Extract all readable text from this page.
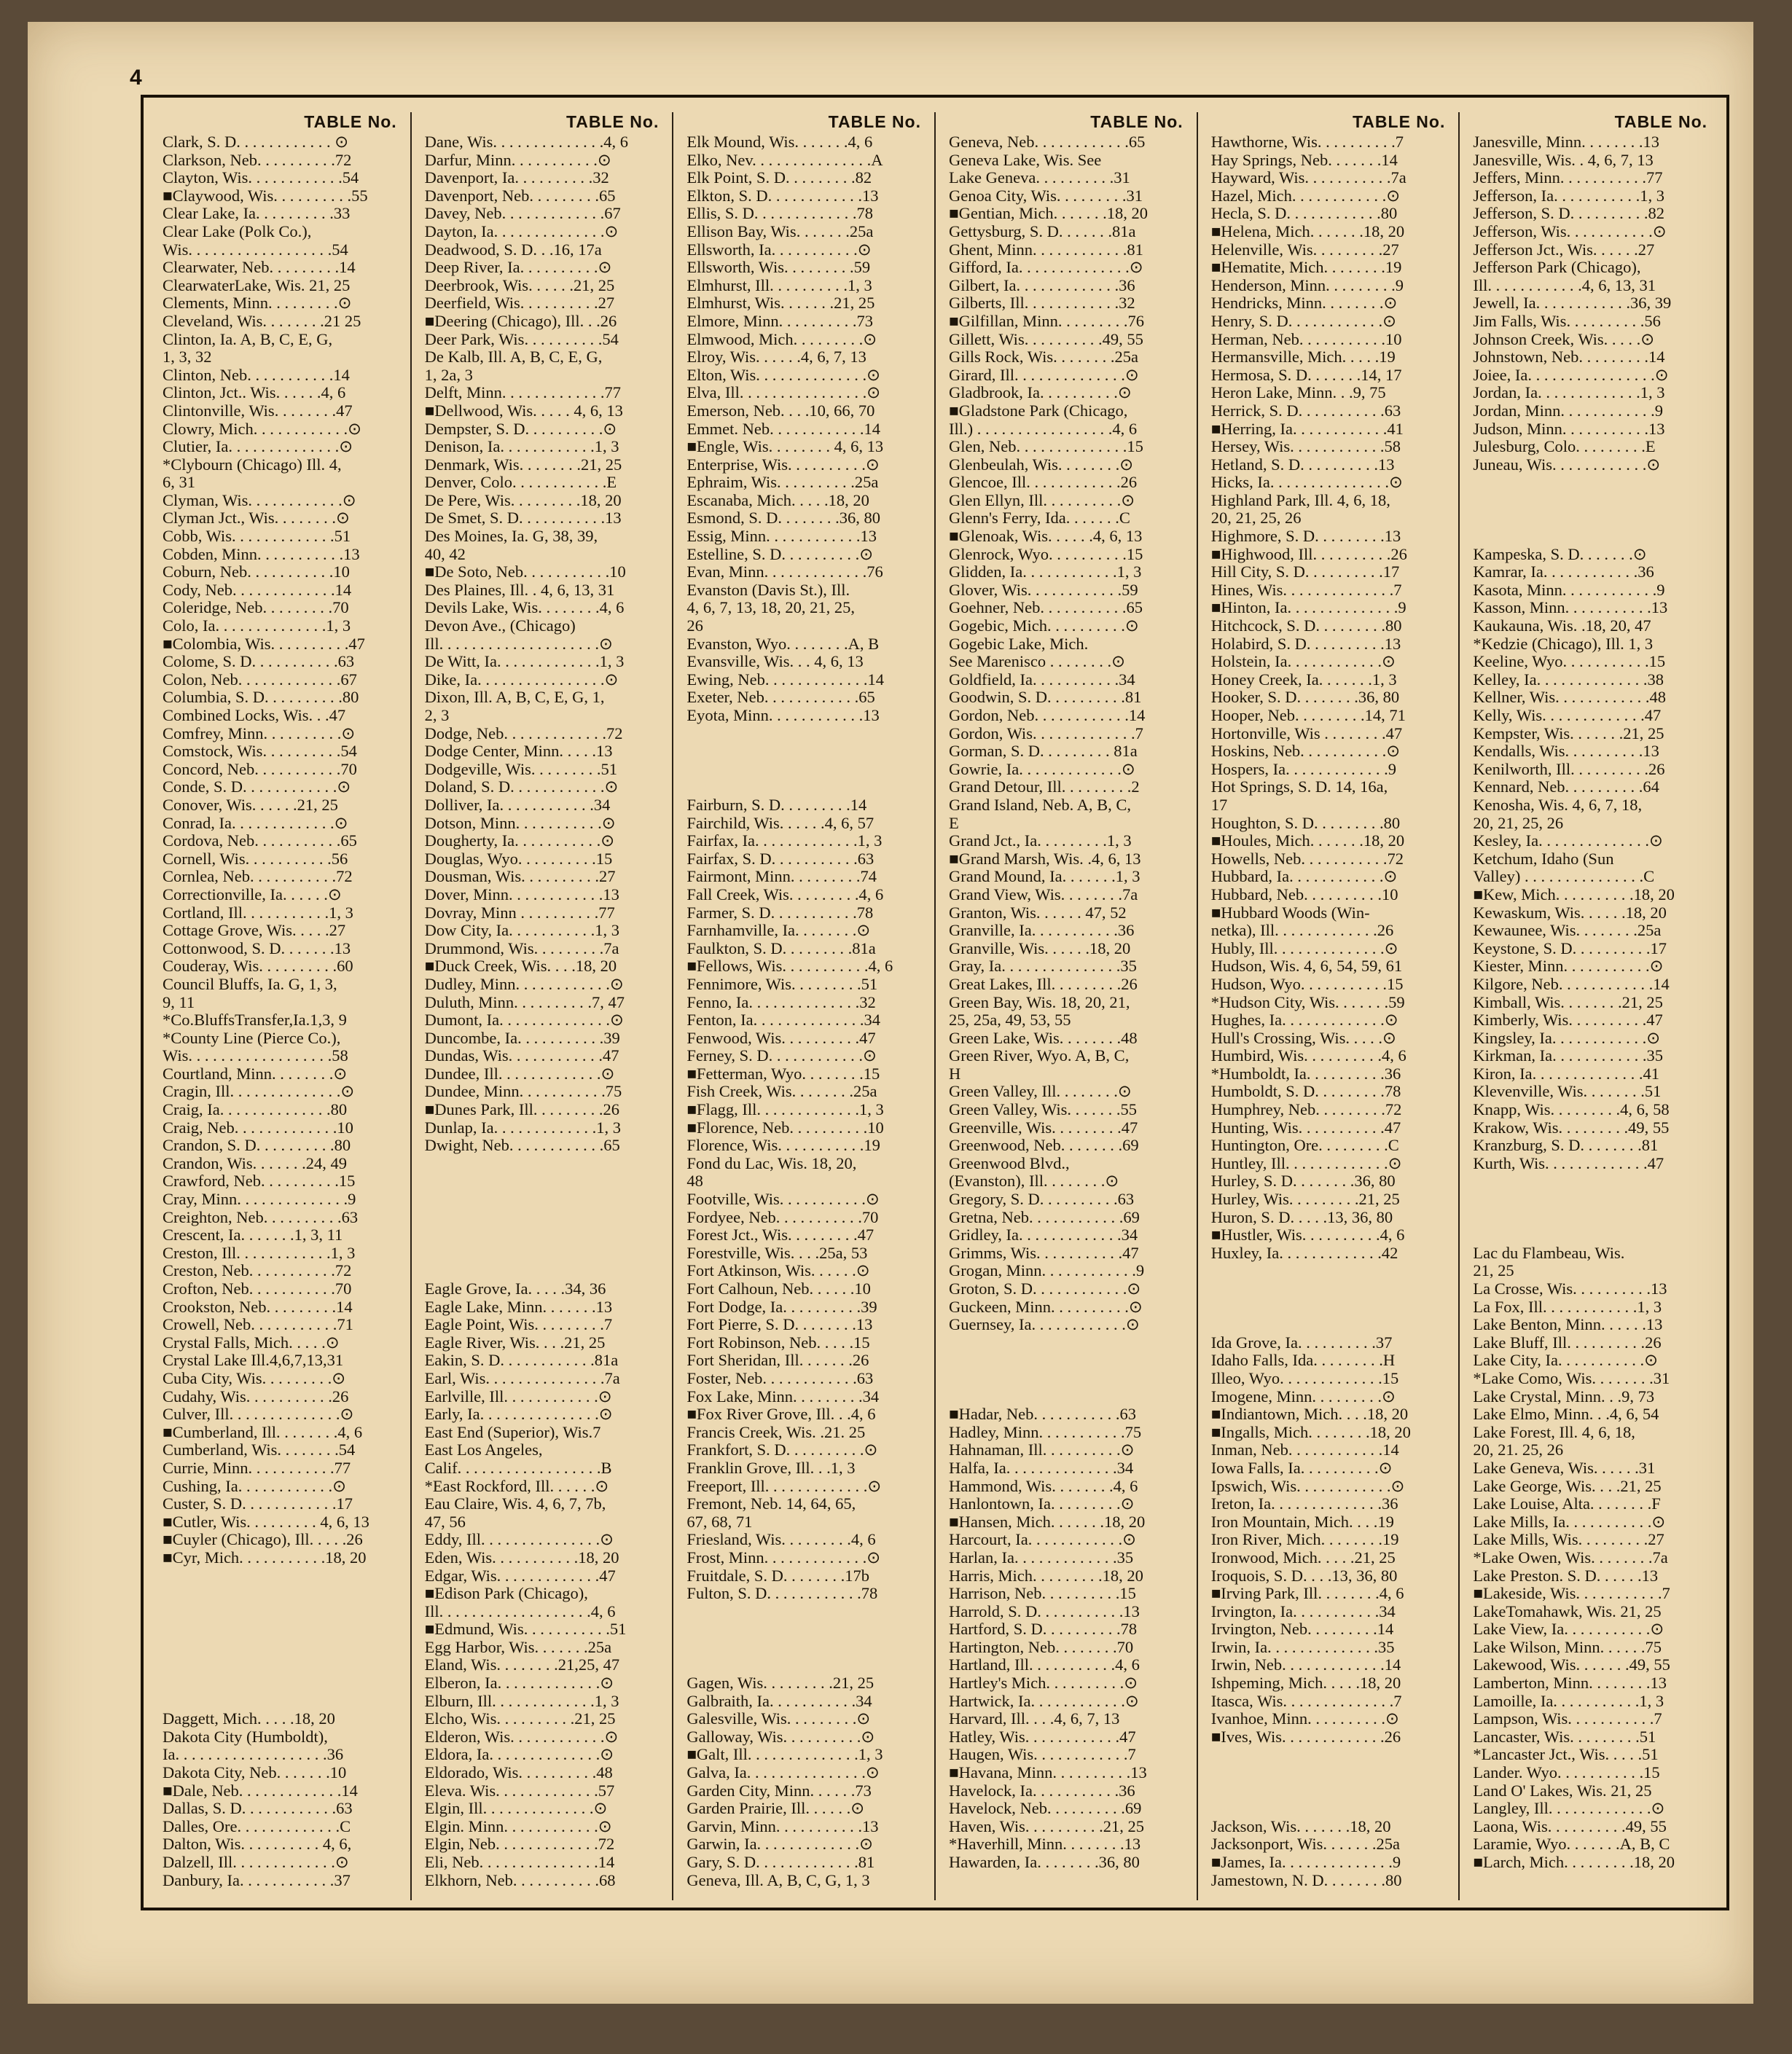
4
TABLE No.
Clark, S. D. . . . . . . . . . . . ⊙
Clarkson, Neb. . . . . . . . . .72
Clayton, Wis. . . . . . . . . . . .54
■Claywood, Wis. . . . . . . . . .55
Clear Lake, Ia. . . . . . . . . .33
Clear Lake (Polk Co.),
Wis. . . . . . . . . . . . . . . . . .54
Clearwater, Neb. . . . . . . . .14
ClearwaterLake, Wis. 21, 25
Clements, Minn. . . . . . . . .⊙
Cleveland, Wis. . . . . . . .21 25
Clinton, Ia. A, B, C, E, G,
1, 3, 32
Clinton, Neb. . . . . . . . . . .14
Clinton, Jct.. Wis. . . . . .4, 6
Clintonville, Wis. . . . . . . .47
Clowry, Mich. . . . . . . . . . . .⊙
Clutier, Ia. . . . . . . . . . . . . .⊙
*Clybourn (Chicago) Ill. 4,
6, 31
Clyman, Wis. . . . . . . . . . . .⊙
Clyman Jct., Wis. . . . . . . .⊙
Cobb, Wis. . . . . . . . . . . . .51
Cobden, Minn. . . . . . . . . . .13
Coburn, Neb. . . . . . . . . . .10
Cody, Neb. . . . . . . . . . . . .14
Coleridge, Neb. . . . . . . . .70
Colo, Ia. . . . . . . . . . . . . .1, 3
■Colombia, Wis. . . . . . . . . .47
Colome, S. D. . . . . . . . . . .63
Colon, Neb. . . . . . . . . . . . .67
Columbia, S. D. . . . . . . . . .80
Combined Locks, Wis. . .47
Comfrey, Minn. . . . . . . . . .⊙
Comstock, Wis. . . . . . . . . .54
Concord, Neb. . . . . . . . . . .70
Conde, S. D. . . . . . . . . . . .⊙
Conover, Wis. . . . . .21, 25
Conrad, Ia. . . . . . . . . . . . .⊙
Cordova, Neb. . . . . . . . . . .65
Cornell, Wis. . . . . . . . . . .56
Cornlea, Neb. . . . . . . . . . .72
Correctionville, Ia. . . . . .⊙
Cortland, Ill. . . . . . . . . . .1, 3
Cottage Grove, Wis. . . . .27
Cottonwood, S. D. . . . . . .13
Couderay, Wis. . . . . . . . . .60
Council Bluffs, Ia. G, 1, 3,
9, 11
*Co.BluffsTransfer,Ia.1,3, 9
*County Line (Pierce Co.),
Wis. . . . . . . . . . . . . . . . . .58
Courtland, Minn. . . . . . . .⊙
Cragin, Ill. . . . . . . . . . . . . .⊙
Craig, Ia. . . . . . . . . . . . . .80
Craig, Neb. . . . . . . . . . . . .10
Crandon, S. D. . . . . . . . . .80
Crandon, Wis. . . . . . .24, 49
Crawford, Neb. . . . . . . . . .15
Cray, Minn. . . . . . . . . . . . . .9
Creighton, Neb. . . . . . . . . .63
Crescent, Ia. . . . . . .1, 3, 11
Creston, Ill. . . . . . . . . . . .1, 3
Creston, Neb. . . . . . . . . . .72
Crofton, Neb. . . . . . . . . . .70
Crookston, Neb. . . . . . . . .14
Crowell, Neb. . . . . . . . . . .71
Crystal Falls, Mich. . . . .⊙
Crystal Lake Ill.4,6,7,13,31
Cuba City, Wis. . . . . . . . .⊙
Cudahy, Wis. . . . . . . . . . .26
Culver, Ill. . . . . . . . . . . . . .⊙
■Cumberland, Ill. . . . . . . .4, 6
Cumberland, Wis. . . . . . . .54
Currie, Minn. . . . . . . . . . .77
Cushing, Ia. . . . . . . . . . . .⊙
Custer, S. D. . . . . . . . . . . .17
■Cutler, Wis. . . . . . . . . 4, 6, 13
■Cuyler (Chicago), Ill. . . . .26
■Cyr, Mich. . . . . . . . . . .18, 20

Daggett, Mich. . . . .18, 20
Dakota City (Humboldt),
Ia. . . . . . . . . . . . . . . . . . .36
Dakota City, Neb. . . . . . .10
■Dale, Neb. . . . . . . . . . . . .14
Dallas, S. D. . . . . . . . . . . .63
Dalles, Ore. . . . . . . . . . . . .C
Dalton, Wis. . . . . . . . . . 4, 6,
Dalzell, Ill. . . . . . . . . . . . .⊙
Danbury, Ia. . . . . . . . . . . .37
TABLE No.
Dane, Wis. . . . . . . . . . . . . .4, 6
Darfur, Minn. . . . . . . . . . .⊙
Davenport, Ia. . . . . . . . . .32
Davenport, Neb. . . . . . . . .65
Davey, Neb. . . . . . . . . . . . .67
Dayton, Ia. . . . . . . . . . . . . .⊙
Deadwood, S. D. . .16, 17a
Deep River, Ia. . . . . . . . . .⊙
Deerbrook, Wis. . . . . .21, 25
Deerfield, Wis. . . . . . . . . .27
■Deering (Chicago), Ill. . .26
Deer Park, Wis. . . . . . . . . .54
De Kalb, Ill. A, B, C, E, G,
1, 2a, 3
Delft, Minn. . . . . . . . . . . . .77
■Dellwood, Wis. . . . . 4, 6, 13
Dempster, S. D. . . . . . . . . .⊙
Denison, Ia. . . . . . . . . . . .1, 3
Denmark, Wis. . . . . . . .21, 25
Denver, Colo. . . . . . . . . . . .E
De Pere, Wis. . . . . . . . .18, 20
De Smet, S. D. . . . . . . . . . .13
Des Moines, Ia. G, 38, 39,
40, 42
■De Soto, Neb. . . . . . . . . . .10
Des Plaines, Ill. . 4, 6, 13, 31
Devils Lake, Wis. . . . . . . .4, 6
Devon Ave., (Chicago)
Ill. . . . . . . . . . . . . . . . . . . .⊙
De Witt, Ia. . . . . . . . . . . . .1, 3
Dike, Ia. . . . . . . . . . . . . . . .⊙
Dixon, Ill. A, B, C, E, G, 1,
2, 3
Dodge, Neb. . . . . . . . . . . . .72
Dodge Center, Minn. . . . .13
Dodgeville, Wis. . . . . . . . .51
Doland, S. D. . . . . . . . . . . .⊙
Dolliver, Ia. . . . . . . . . . . .34
Dotson, Minn. . . . . . . . . . .⊙
Dougherty, Ia. . . . . . . . . . .⊙
Douglas, Wyo. . . . . . . . . .15
Dousman, Wis. . . . . . . . . .27
Dover, Minn. . . . . . . . . . . .13
Dovray, Minn . . . . . . . . . .77
Dow City, Ia. . . . . . . . . . .1, 3
Drummond, Wis. . . . . . . . .7a
■Duck Creek, Wis. . . .18, 20
Dudley, Minn. . . . . . . . . . . .⊙
Duluth, Minn. . . . . . . . . .7, 47
Dumont, Ia. . . . . . . . . . . . . .⊙
Duncombe, Ia. . . . . . . . . . .39
Dundas, Wis. . . . . . . . . . . .47
Dundee, Ill. . . . . . . . . . . . .⊙
Dundee, Minn. . . . . . . . . . .75
■Dunes Park, Ill. . . . . . . . .26
Dunlap, Ia. . . . . . . . . . . . .1, 3
Dwight, Neb. . . . . . . . . . . .65

Eagle Grove, Ia. . . . .34, 36
Eagle Lake, Minn. . . . . . .13
Eagle Point, Wis. . . . . . . . .7
Eagle River, Wis. . . .21, 25
Eakin, S. D. . . . . . . . . . . .81a
Earl, Wis. . . . . . . . . . . . . . .7a
Earlville, Ill. . . . . . . . . . . .⊙
Early, Ia. . . . . . . . . . . . . . .⊙
East End (Superior), Wis.7
East Los Angeles,
Calif. . . . . . . . . . . . . . . . . .B
*East Rockford, Ill. . . . . .⊙
Eau Claire, Wis. 4, 6, 7, 7b,
47, 56
Eddy, Ill. . . . . . . . . . . . . . .⊙
Eden, Wis. . . . . . . . . . .18, 20
Edgar, Wis. . . . . . . . . . . . .47
■Edison Park (Chicago),
Ill. . . . . . . . . . . . . . . . . . .4, 6
■Edmund, Wis. . . . . . . . . . .51
Egg Harbor, Wis. . . . . . .25a
Eland, Wis. . . . . . . .21,25, 47
Elberon, Ia. . . . . . . . . . . . .⊙
Elburn, Ill. . . . . . . . . . . . .1, 3
Elcho, Wis. . . . . . . . . .21, 25
Elderon, Wis. . . . . . . . . . . .⊙
Eldora, Ia. . . . . . . . . . . . . .⊙
Eldorado, Wis. . . . . . . . . .48
Eleva. Wis. . . . . . . . . . . . .57
Elgin, Ill. . . . . . . . . . . . . .⊙
Elgin. Minn. . . . . . . . . . . .⊙
Elgin, Neb. . . . . . . . . . . . .72
Eli, Neb. . . . . . . . . . . . . . .14
Elkhorn, Neb. . . . . . . . . . .68
TABLE No.
Elk Mound, Wis. . . . . . .4, 6
Elko, Nev. . . . . . . . . . . . . . .A
Elk Point, S. D. . . . . . . . .82
Elkton, S. D. . . . . . . . . . . .13
Ellis, S. D. . . . . . . . . . . . .78
Ellison Bay, Wis. . . . . . .25a
Ellsworth, Ia. . . . . . . . . . .⊙
Ellsworth, Wis. . . . . . . . .59
Elmhurst, Ill. . . . . . . . . .1, 3
Elmhurst, Wis. . . . . . .21, 25
Elmore, Minn. . . . . . . . . .73
Elmwood, Mich. . . . . . . . .⊙
Elroy, Wis. . . . . .4, 6, 7, 13
Elton, Wis. . . . . . . . . . . . . .⊙
Elva, Ill. . . . . . . . . . . . . . . .⊙
Emerson, Neb. . . .10, 66, 70
Emmet. Neb. . . . . . . . . . . .14
■Engle, Wis. . . . . . . . 4, 6, 13
Enterprise, Wis. . . . . . . . . .⊙
Ephraim, Wis. . . . . . . . . .25a
Escanaba, Mich. . . . .18, 20
Esmond, S. D. . . . . . . .36, 80
Essig, Minn. . . . . . . . . . . .13
Estelline, S. D. . . . . . . . . .⊙
Evan, Minn. . . . . . . . . . . . .76
Evanston (Davis St.), Ill.
4, 6, 7, 13, 18, 20, 21, 25,
26
Evanston, Wyo. . . . . . . .A, B
Evansville, Wis. . . 4, 6, 13
Ewing, Neb. . . . . . . . . . . . .14
Exeter, Neb. . . . . . . . . . . .65
Eyota, Minn. . . . . . . . . . . .13

Fairburn, S. D. . . . . . . . .14
Fairchild, Wis. . . . . .4, 6, 57
Fairfax, Ia. . . . . . . . . . . . .1, 3
Fairfax, S. D. . . . . . . . . . .63
Fairmont, Minn. . . . . . . . .74
Fall Creek, Wis. . . . . . . . .4, 6
Farmer, S. D. . . . . . . . . . .78
Farnhamville, Ia. . . . . . . .⊙
Faulkton, S. D. . . . . . . . .81a
■Fellows, Wis. . . . . . . . . . .4, 6
Fennimore, Wis. . . . . . . . .51
Fenno, Ia. . . . . . . . . . . . . .32
Fenton, Ia. . . . . . . . . . . . . .34
Fenwood, Wis. . . . . . . . . .47
Ferney, S. D. . . . . . . . . . . .⊙
■Fetterman, Wyo. . . . . . . .15
Fish Creek, Wis. . . . . . . .25a
■Flagg, Ill. . . . . . . . . . . . .1, 3
■Florence, Neb. . . . . . . . . .10
Florence, Wis. . . . . . . . . . .19
Fond du Lac, Wis. 18, 20,
48
Footville, Wis. . . . . . . . . . .⊙
Fordyee, Neb. . . . . . . . . . .70
Forest Jct., Wis. . . . . . . . .47
Forestville, Wis. . . .25a, 53
Fort Atkinson, Wis. . . . . .⊙
Fort Calhoun, Neb. . . . . .10
Fort Dodge, Ia. . . . . . . . . .39
Fort Pierre, S. D. . . . . . . .13
Fort Robinson, Neb. . . . .15
Fort Sheridan, Ill. . . . . . .26
Foster, Neb. . . . . . . . . . . .63
Fox Lake, Minn. . . . . . . . .34
■Fox River Grove, Ill. . .4, 6
Francis Creek, Wis. .21. 25
Frankfort, S. D. . . . . . . . . .⊙
Franklin Grove, Ill. . .1, 3
Freeport, Ill. . . . . . . . . . . . .⊙
Fremont, Neb. 14, 64, 65,
67, 68, 71
Friesland, Wis. . . . . . . . .4, 6
Frost, Minn. . . . . . . . . . . . .⊙
Fruitdale, S. D. . . . . . . .17b
Fulton, S. D. . . . . . . . . . . .78

Gagen, Wis. . . . . . . . .21, 25
Galbraith, Ia. . . . . . . . . . .34
Galesville, Wis. . . . . . . . .⊙
Galloway, Wis. . . . . . . . . .⊙
■Galt, Ill. . . . . . . . . . . . . .1, 3
Galva, Ia. . . . . . . . . . . . . . .⊙
Garden City, Minn. . . . . .73
Garden Prairie, Ill. . . . . .⊙
Garvin, Minn. . . . . . . . . . .13
Garwin, Ia. . . . . . . . . . . . .⊙
Gary, S. D. . . . . . . . . . . . .81
Geneva, Ill. A, B, C, G, 1, 3
TABLE No.
Geneva, Neb. . . . . . . . . . . .65
Geneva Lake, Wis. See
Lake Geneva. . . . . . . . . .31
Genoa City, Wis. . . . . . . . .31
■Gentian, Mich. . . . . . .18, 20
Gettysburg, S. D. . . . . . .81a
Ghent, Minn. . . . . . . . . . . .81
Gifford, Ia. . . . . . . . . . . . . .⊙
Gilbert, Ia. . . . . . . . . . . . .36
Gilberts, Ill. . . . . . . . . . . .32
■Gilfillan, Minn. . . . . . . . .76
Gillett, Wis. . . . . . . . . .49, 55
Gills Rock, Wis. . . . . . . .25a
Girard, Ill. . . . . . . . . . . . . .⊙
Gladbrook, Ia. . . . . . . . . .⊙
■Gladstone Park (Chicago,
Ill.) . . . . . . . . . . . . . . . . .4, 6
Glen, Neb. . . . . . . . . . . . . .15
Glenbeulah, Wis. . . . . . . .⊙
Glencoe, Ill. . . . . . . . . . . .26
Glen Ellyn, Ill. . . . . . . . . .⊙
Glenn's Ferry, Ida. . . . . . .C
■Glenoak, Wis. . . . . .4, 6, 13
Glenrock, Wyo. . . . . . . . . .15
Glidden, Ia. . . . . . . . . . . .1, 3
Glover, Wis. . . . . . . . . . . .59
Goehner, Neb. . . . . . . . . . .65
Gogebic, Mich. . . . . . . . . .⊙
Gogebic Lake, Mich.
See Marenisco . . . . . . . .⊙
Goldfield, Ia. . . . . . . . . . .34
Goodwin, S. D. . . . . . . . . .81
Gordon, Neb. . . . . . . . . . . .14
Gordon, Wis. . . . . . . . . . . . .7
Gorman, S. D. . . . . . . . . 81a
Gowrie, Ia. . . . . . . . . . . . .⊙
Grand Detour, Ill. . . . . . . . .2
Grand Island, Neb. A, B, C,
E
Grand Jct., Ia. . . . . . . . .1, 3
■Grand Marsh, Wis. .4, 6, 13
Grand Mound, Ia. . . . . . .1, 3
Grand View, Wis. . . . . . . .7a
Granton, Wis. . . . . . 47, 52
Granville, Ia. . . . . . . . . . .36
Granville, Wis. . . . . .18, 20
Gray, Ia. . . . . . . . . . . . . . .35
Great Lakes, Ill. . . . . . . . .26
Green Bay, Wis. 18, 20, 21,
25, 25a, 49, 53, 55
Green Lake, Wis. . . . . . . .48
Green River, Wyo. A, B, C,
H
Green Valley, Ill. . . . . . . .⊙
Green Valley, Wis. . . . . . .55
Greenville, Wis. . . . . . . . .47
Greenwood, Neb. . . . . . . .69
Greenwood Blvd.,
(Evanston), Ill. . . . . . . .⊙
Gregory, S. D. . . . . . . . . .63
Gretna, Neb. . . . . . . . . . . .69
Gridley, Ia. . . . . . . . . . . . .34
Grimms, Wis. . . . . . . . . . .47
Grogan, Minn. . . . . . . . . . . .9
Groton, S. D. . . . . . . . . . . .⊙
Guckeen, Minn. . . . . . . . . .⊙
Guernsey, Ia. . . . . . . . . . . .⊙

■Hadar, Neb. . . . . . . . . . .63
Hadley, Minn. . . . . . . . . . .75
Hahnaman, Ill. . . . . . . . . .⊙
Halfa, Ia. . . . . . . . . . . . . .34
Hammond, Wis. . . . . . . .4, 6
Hanlontown, Ia. . . . . . . . .⊙
■Hansen, Mich. . . . . . .18, 20
Harcourt, Ia. . . . . . . . . . . .⊙
Harlan, Ia. . . . . . . . . . . . .35
Harris, Mich. . . . . . . . .18, 20
Harrison, Neb. . . . . . . . . .15
Harrold, S. D. . . . . . . . . . .13
Hartford, S. D. . . . . . . . . .78
Hartington, Neb. . . . . . . .70
Hartland, Ill. . . . . . . . . . .4, 6
Hartley's Mich. . . . . . . . . .⊙
Hartwick, Ia. . . . . . . . . . . .⊙
Harvard, Ill. . . .4, 6, 7, 13
Hatley, Wis. . . . . . . . . . . .47
Haugen, Wis. . . . . . . . . . . .7
■Havana, Minn. . . . . . . . . .13
Havelock, Ia. . . . . . . . . . .36
Havelock, Neb. . . . . . . . . .69
Haven, Wis. . . . . . . . . .21, 25
*Haverhill, Minn. . . . . . . .13
Hawarden, Ia. . . . . . . .36, 80
TABLE No.
Hawthorne, Wis. . . . . . . . . .7
Hay Springs, Neb. . . . . . .14
Hayward, Wis. . . . . . . . . . .7a
Hazel, Mich. . . . . . . . . . . .⊙
Hecla, S. D. . . . . . . . . . . .80
■Helena, Mich. . . . . . .18, 20
Helenville, Wis. . . . . . . . .27
■Hematite, Mich. . . . . . . .19
Henderson, Minn. . . . . . . . .9
Hendricks, Minn. . . . . . . .⊙
Henry, S. D. . . . . . . . . . . .⊙
Herman, Neb. . . . . . . . . . .10
Hermansville, Mich. . . . .19
Hermosa, S. D. . . . . . .14, 17
Heron Lake, Minn. . .9, 75
Herrick, S. D. . . . . . . . . . .63
■Herring, Ia. . . . . . . . . . . .41
Hersey, Wis. . . . . . . . . . . .58
Hetland, S. D. . . . . . . . . .13
Hicks, Ia. . . . . . . . . . . . . . .⊙
Highland Park, Ill. 4, 6, 18,
20, 21, 25, 26
Highmore, S. D. . . . . . . . .13
■Highwood, Ill. . . . . . . . . .26
Hill City, S. D. . . . . . . . . .17
Hines, Wis. . . . . . . . . . . . . .7
■Hinton, Ia. . . . . . . . . . . . . .9
Hitchcock, S. D. . . . . . . . .80
Holabird, S. D. . . . . . . . . .13
Holstein, Ia. . . . . . . . . . . .⊙
Honey Creek, Ia. . . . . . .1, 3
Hooker, S. D. . . . . . . .36, 80
Hooper, Neb. . . . . . . . .14, 71
Hortonville, Wis . . . . . . . .47
Hoskins, Neb. . . . . . . . . . .⊙
Hospers, Ia. . . . . . . . . . . . .9
Hot Springs, S. D. 14, 16a,
17
Houghton, S. D. . . . . . . . .80
■Houles, Mich. . . . . . .18, 20
Howells, Neb. . . . . . . . . . .72
Hubbard, Ia. . . . . . . . . . . .⊙
Hubbard, Neb. . . . . . . . . .10
■Hubbard Woods (Win-
netka), Ill. . . . . . . . . . . . .26
Hubly, Ill. . . . . . . . . . . . . .⊙
Hudson, Wis. 4, 6, 54, 59, 61
Hudson, Wyo. . . . . . . . . . .15
*Hudson City, Wis. . . . . . .59
Hughes, Ia. . . . . . . . . . . . .⊙
Hull's Crossing, Wis. . . . .⊙
Humbird, Wis. . . . . . . . . .4, 6
*Humboldt, Ia. . . . . . . . . .36
Humboldt, S. D. . . . . . . . .78
Humphrey, Neb. . . . . . . . .72
Hunting, Wis. . . . . . . . . . .47
Huntington, Ore. . . . . . . . .C
Huntley, Ill. . . . . . . . . . . . .⊙
Hurley, S. D. . . . . . . .36, 80
Hurley, Wis. . . . . . . . .21, 25
Huron, S. D. . . . .13, 36, 80
■Hustler, Wis. . . . . . . . . .4, 6
Huxley, Ia. . . . . . . . . . . . .42

Ida Grove, Ia. . . . . . . . . .37
Idaho Falls, Ida. . . . . . . . .H
Illeo, Wyo. . . . . . . . . . . . .15
Imogene, Minn. . . . . . . . .⊙
■Indiantown, Mich. . . .18, 20
■Ingalls, Mich. . . . . . . .18, 20
Inman, Neb. . . . . . . . . . . .14
Iowa Falls, Ia. . . . . . . . . .⊙
Ipswich, Wis. . . . . . . . . . . .⊙
Ireton, Ia. . . . . . . . . . . . . .36
Iron Mountain, Mich. . . .19
Iron River, Mich. . . . . . . .19
Ironwood, Mich. . . . .21, 25
Iroquois, S. D. . . .13, 36, 80
■Irving Park, Ill. . . . . . . .4, 6
Irvington, Ia. . . . . . . . . . .34
Irvington, Neb. . . . . . . . .14
Irwin, Ia. . . . . . . . . . . . . .35
Irwin, Neb. . . . . . . . . . . . .14
Ishpeming, Mich. . . . .18, 20
Itasca, Wis. . . . . . . . . . . . . .7
Ivanhoe, Minn. . . . . . . . . .⊙
■Ives, Wis. . . . . . . . . . . . .26

Jackson, Wis. . . . . . .18, 20
Jacksonport, Wis. . . . . . .25a
■James, Ia. . . . . . . . . . . . . .9
Jamestown, N. D. . . . . . . .80
TABLE No.
Janesville, Minn. . . . . . . .13
Janesville, Wis. . 4, 6, 7, 13
Jeffers, Minn. . . . . . . . . . .77
Jefferson, Ia. . . . . . . . . . .1, 3
Jefferson, S. D. . . . . . . . . .82
Jefferson, Wis. . . . . . . . . . .⊙
Jefferson Jct., Wis. . . . . .27
Jefferson Park (Chicago),
Ill. . . . . . . . . . . .4, 6, 13, 31
Jewell, Ia. . . . . . . . . . . .36, 39
Jim Falls, Wis. . . . . . . . . .56
Johnson Creek, Wis. . . . .⊙
Johnstown, Neb. . . . . . . . .14
Joiee, Ia. . . . . . . . . . . . . . . .⊙
Jordan, Ia. . . . . . . . . . . . .1, 3
Jordan, Minn. . . . . . . . . . . .9
Judson, Minn. . . . . . . . . . .13
Julesburg, Colo. . . . . . . . .E
Juneau, Wis. . . . . . . . . . . .⊙

Kampeska, S. D. . . . . . .⊙
Kamrar, Ia. . . . . . . . . . . .36
Kasota, Minn. . . . . . . . . . . .9
Kasson, Minn. . . . . . . . . . .13
Kaukauna, Wis. .18, 20, 47
*Kedzie (Chicago), Ill. 1, 3
Keeline, Wyo. . . . . . . . . . .15
Kelley, Ia. . . . . . . . . . . . . .38
Kellner, Wis. . . . . . . . . . . .48
Kelly, Wis. . . . . . . . . . . . .47
Kempster, Wis. . . . . . .21, 25
Kendalls, Wis. . . . . . . . . .13
Kenilworth, Ill. . . . . . . . . .26
Kennard, Neb. . . . . . . . . .64
Kenosha, Wis. 4, 6, 7, 18,
20, 21, 25, 26
Kesley, Ia. . . . . . . . . . . . . .⊙
Ketchum, Idaho (Sun
Valley) . . . . . . . . . . . . . . .C
■Kew, Mich. . . . . . . . . .18, 20
Kewaskum, Wis. . . . . .18, 20
Kewaunee, Wis. . . . . . . .25a
Keystone, S. D. . . . . . . . . .17
Kiester, Minn. . . . . . . . . . .⊙
Kilgore, Neb. . . . . . . . . . . .14
Kimball, Wis. . . . . . . .21, 25
Kimberly, Wis. . . . . . . . . .47
Kingsley, Ia. . . . . . . . . . . .⊙
Kirkman, Ia. . . . . . . . . . . .35
Kiron, Ia. . . . . . . . . . . . . .41
Klevenville, Wis. . . . . . . .51
Knapp, Wis. . . . . . . . .4, 6, 58
Krakow, Wis. . . . . . . . .49, 55
Kranzburg, S. D. . . . . . . .81
Kurth, Wis. . . . . . . . . . . . .47

Lac du Flambeau, Wis.
21, 25
La Crosse, Wis. . . . . . . . . .13
La Fox, Ill. . . . . . . . . . . .1, 3
Lake Benton, Minn. . . . . .13
Lake Bluff, Ill. . . . . . . . . .26
Lake City, Ia. . . . . . . . . . .⊙
*Lake Como, Wis. . . . . . . .31
Lake Crystal, Minn. . .9, 73
Lake Elmo, Minn. . .4, 6, 54
Lake Forest, Ill. 4, 6, 18,
20, 21. 25, 26
Lake Geneva, Wis. . . . . .31
Lake George, Wis. . . .21, 25
Lake Louise, Alta. . . . . . . .F
Lake Mills, Ia. . . . . . . . . . .⊙
Lake Mills, Wis. . . . . . . . .27
*Lake Owen, Wis. . . . . . . .7a
Lake Preston. S. D. . . . . .13
■Lakeside, Wis. . . . . . . . . . .7
LakeTomahawk, Wis. 21, 25
Lake View, Ia. . . . . . . . . . .⊙
Lake Wilson, Minn. . . . . .75
Lakewood, Wis. . . . . . .49, 55
Lamberton, Minn. . . . . . . .13
Lamoille, Ia. . . . . . . . . . .1, 3
Lampson, Wis. . . . . . . . . . .7
Lancaster, Wis. . . . . . . . .51
*Lancaster Jct., Wis. . . . .51
Lander. Wyo. . . . . . . . . . .15
Land O' Lakes, Wis. 21, 25
Langley, Ill. . . . . . . . . . . . .⊙
Laona, Wis. . . . . . . . . .49, 55
Laramie, Wyo. . . . . . .A, B, C
■Larch, Mich. . . . . . . . .18, 20
